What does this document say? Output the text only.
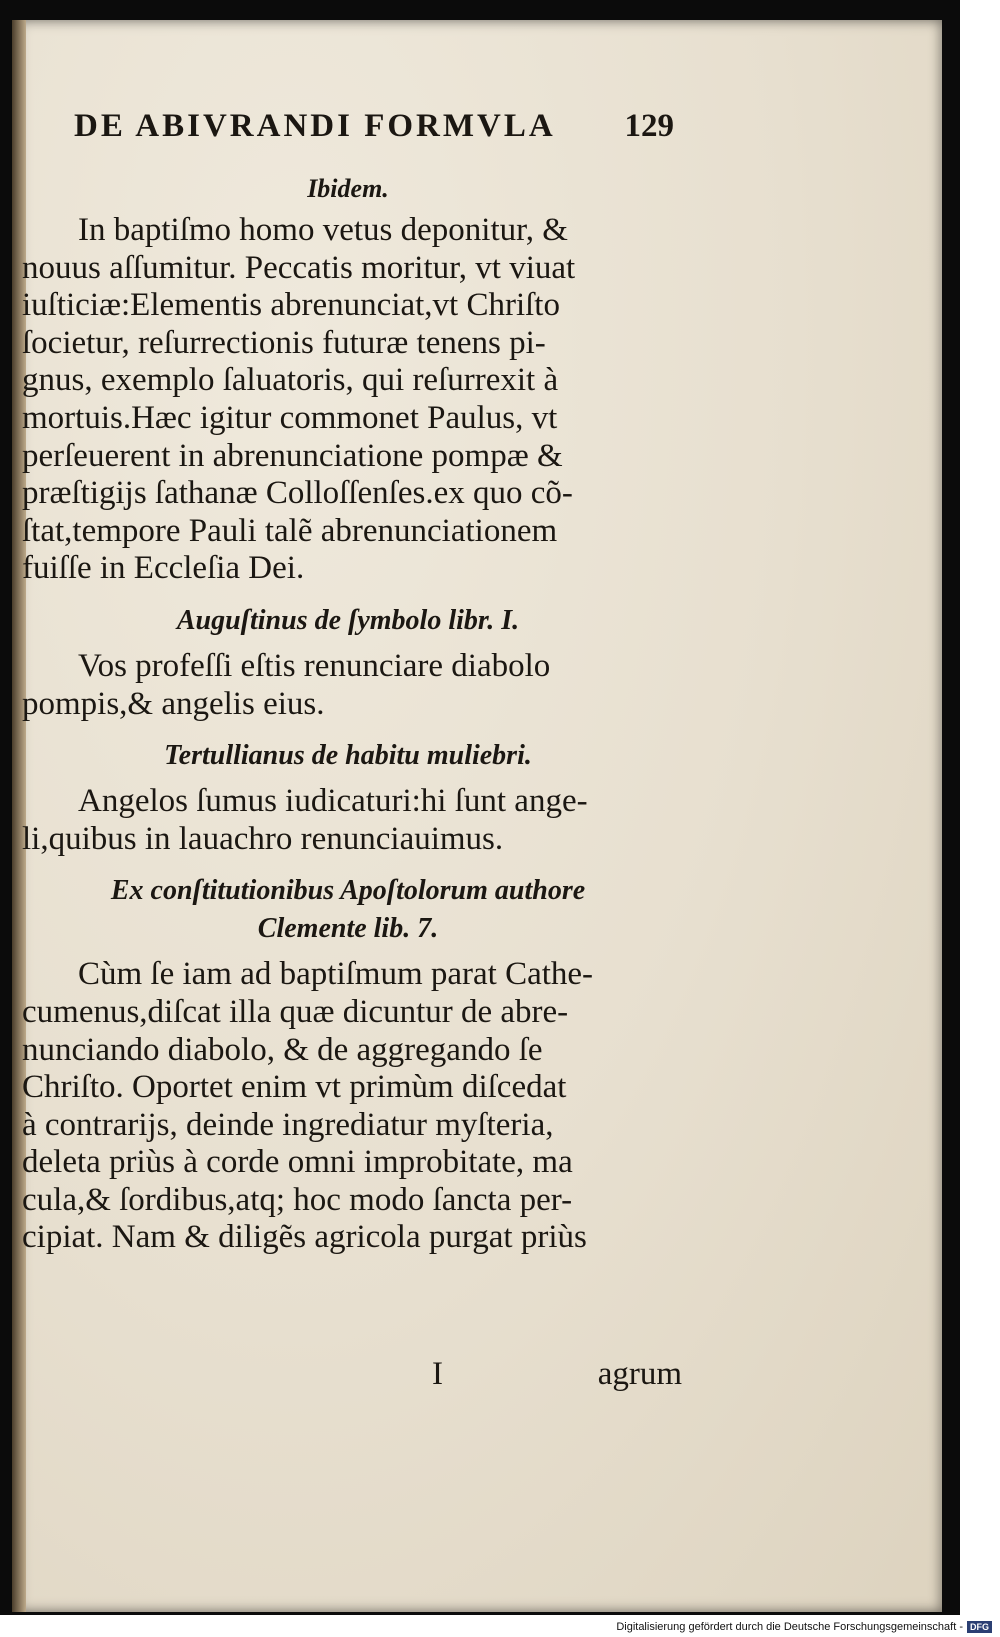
DE ABIVRANDI FORMVLA 129
Ibidem.

In baptiſmo homo vetus deponitur, &
nouus aſſumitur. Peccatis moritur, vt viuat
iuſticiæ:Elementis abrenunciat,vt Chriſto
ſocietur, reſurrectionis futuræ tenens pi-
gnus, exemplo ſaluatoris, qui reſurrexit à
mortuis.Hæc igitur commonet Paulus, vt
perſeuerent in abrenunciatione pompæ &
præſtigijs ſathanæ Colloſſenſes.ex quo cõ-
ſtat,tempore Pauli talẽ abrenunciationem
fuiſſe in Eccleſia Dei.

Auguſtinus de ſymbolo libr. I.

Vos profeſſi eſtis renunciare diabolo
pompis,& angelis eius.

Tertullianus de habitu muliebri.

Angelos ſumus iudicaturi:hi ſunt ange-
li,quibus in lauachro renunciauimus.

Ex conſtitutionibus Apoſtolorum authore Clemente lib. 7.

Cùm ſe iam ad baptiſmum parat Cathe-
cumenus,diſcat illa quæ dicuntur de abre-
nunciando diabolo, & de aggregando ſe
Chriſto. Oportet enim vt primùm diſcedat
à contrarijs, deinde ingrediatur myſteria,
deleta priùs à corde omni improbitate, ma
cula,& ſordibus,atq; hoc modo ſancta per-
cipiat. Nam & diligẽs agricola purgat priùs

I	agrum
Digitalisierung gefördert durch die Deutsche Forschungsgemeinschaft - DFG
